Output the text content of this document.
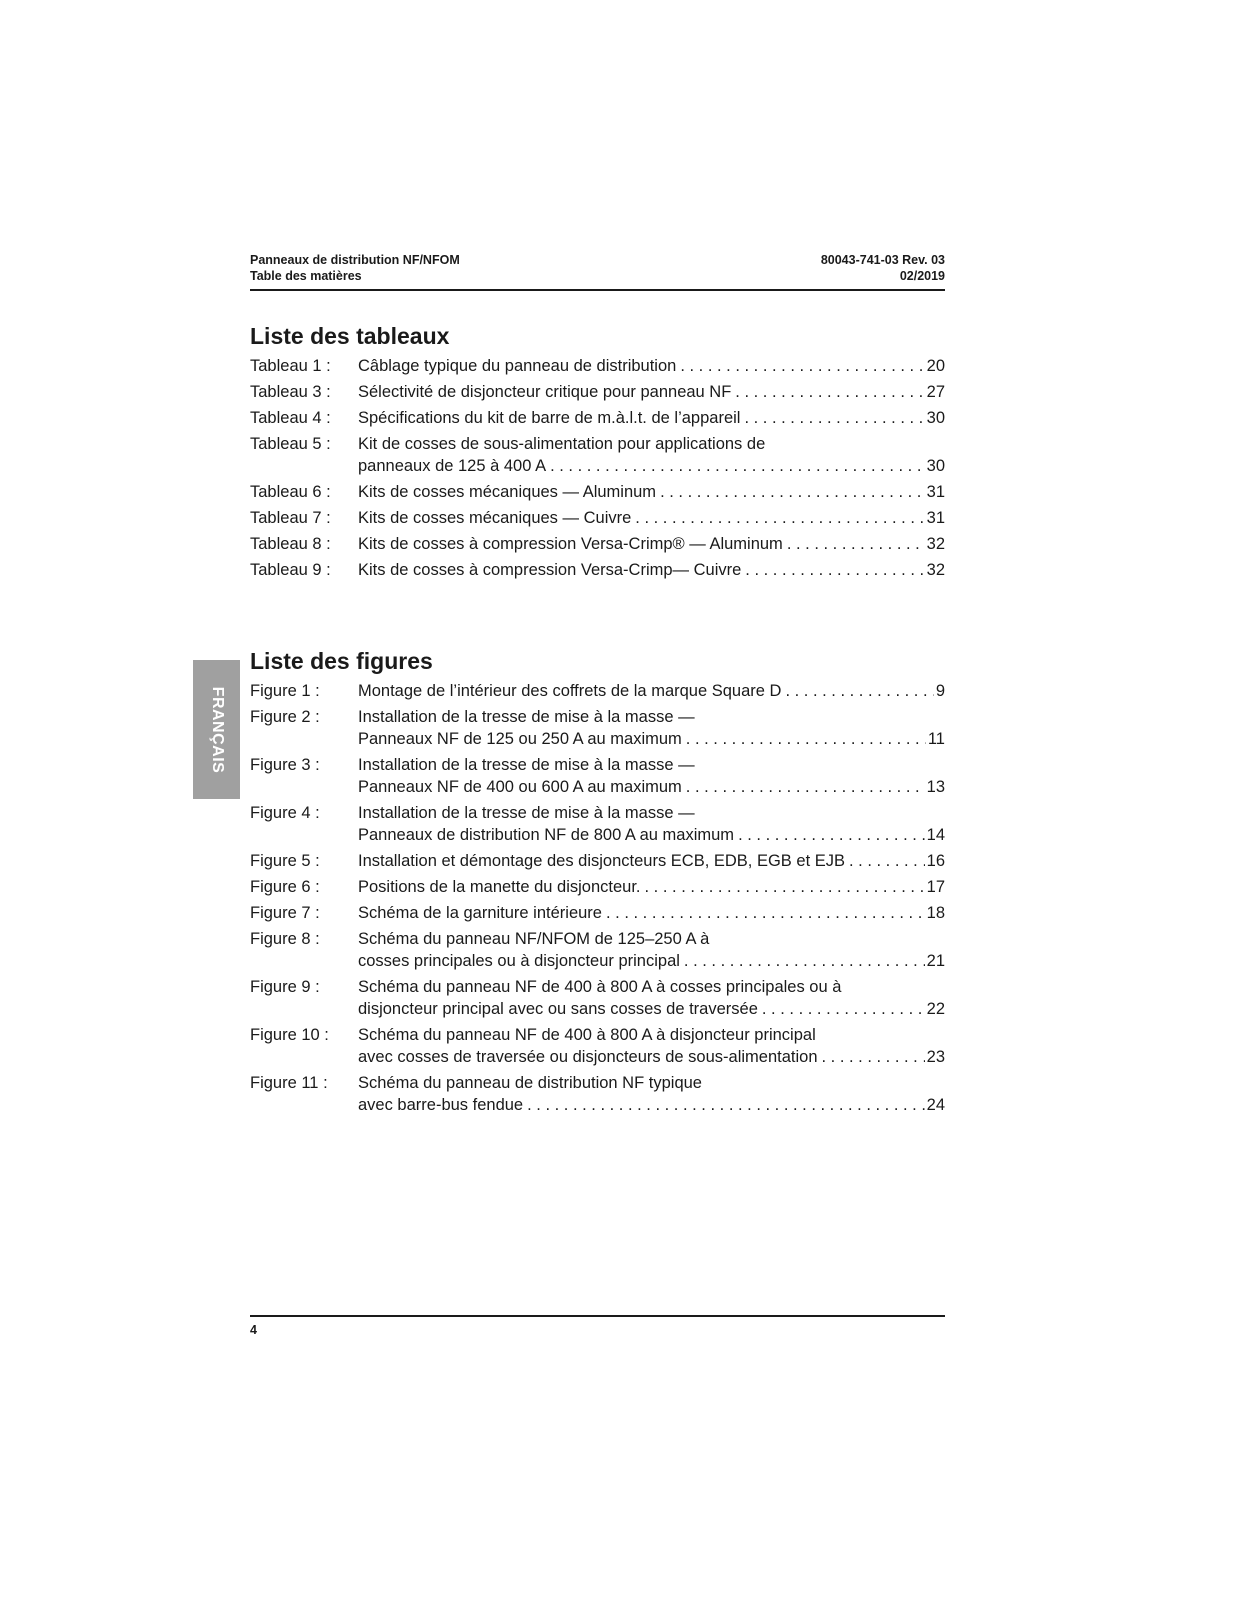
Panneaux de distribution NF/NFOM
Table des matières
80043-741-03 Rev. 03
02/2019
FRANÇAIS
Liste des tableaux
Tableau 1 :	Câblage typique du panneau de distribution . . .	20
Tableau 3 :	Sélectivité de disjoncteur critique pour panneau NF . . .	27
Tableau 4 :	Spécifications du kit de barre de m.à.l.t. de l’appareil . . .	30
Tableau 5 :	Kit de cosses de sous-alimentation pour applications de
panneaux de 125 à 400 A . . .	30
Tableau 6 :	Kits de cosses mécaniques — Aluminum . . .	31
Tableau 7 :	Kits de cosses mécaniques — Cuivre . . .	31
Tableau 8 :	Kits de cosses à compression Versa-Crimp® — Aluminum . . .	32
Tableau 9 :	Kits de cosses à compression Versa-Crimp— Cuivre . . .	32
Liste des figures
Figure 1 :	Montage de l’intérieur des coffrets de la marque Square D . . .	9
Figure 2 :	Installation de la tresse de mise à la masse —
Panneaux NF de 125 ou 250 A au maximum . . .	11
Figure 3 :	Installation de la tresse de mise à la masse —
Panneaux NF de 400 ou 600 A au maximum . . .	13
Figure 4 :	Installation de la tresse de mise à la masse —
Panneaux de distribution NF de 800 A au maximum . . .	14
Figure 5 :	Installation et démontage des disjoncteurs ECB, EDB, EGB et EJB . . .	16
Figure 6 :	Positions de la manette du disjoncteur. . . .	17
Figure 7 :	Schéma de la garniture intérieure . . .	18
Figure 8 :	Schéma du panneau NF/NFOM de 125–250 A à
cosses principales ou à disjoncteur principal . . .	21
Figure 9 :	Schéma du panneau NF de 400 à 800 A à cosses principales ou à
disjoncteur principal avec ou sans cosses de traversée . . .	22
Figure 10 :	Schéma du panneau NF de 400 à 800 A à disjoncteur principal
avec cosses de traversée ou disjoncteurs de sous-alimentation . . .	23
Figure 11 :	Schéma du panneau de distribution NF typique
avec barre-bus fendue . . .	24
4
